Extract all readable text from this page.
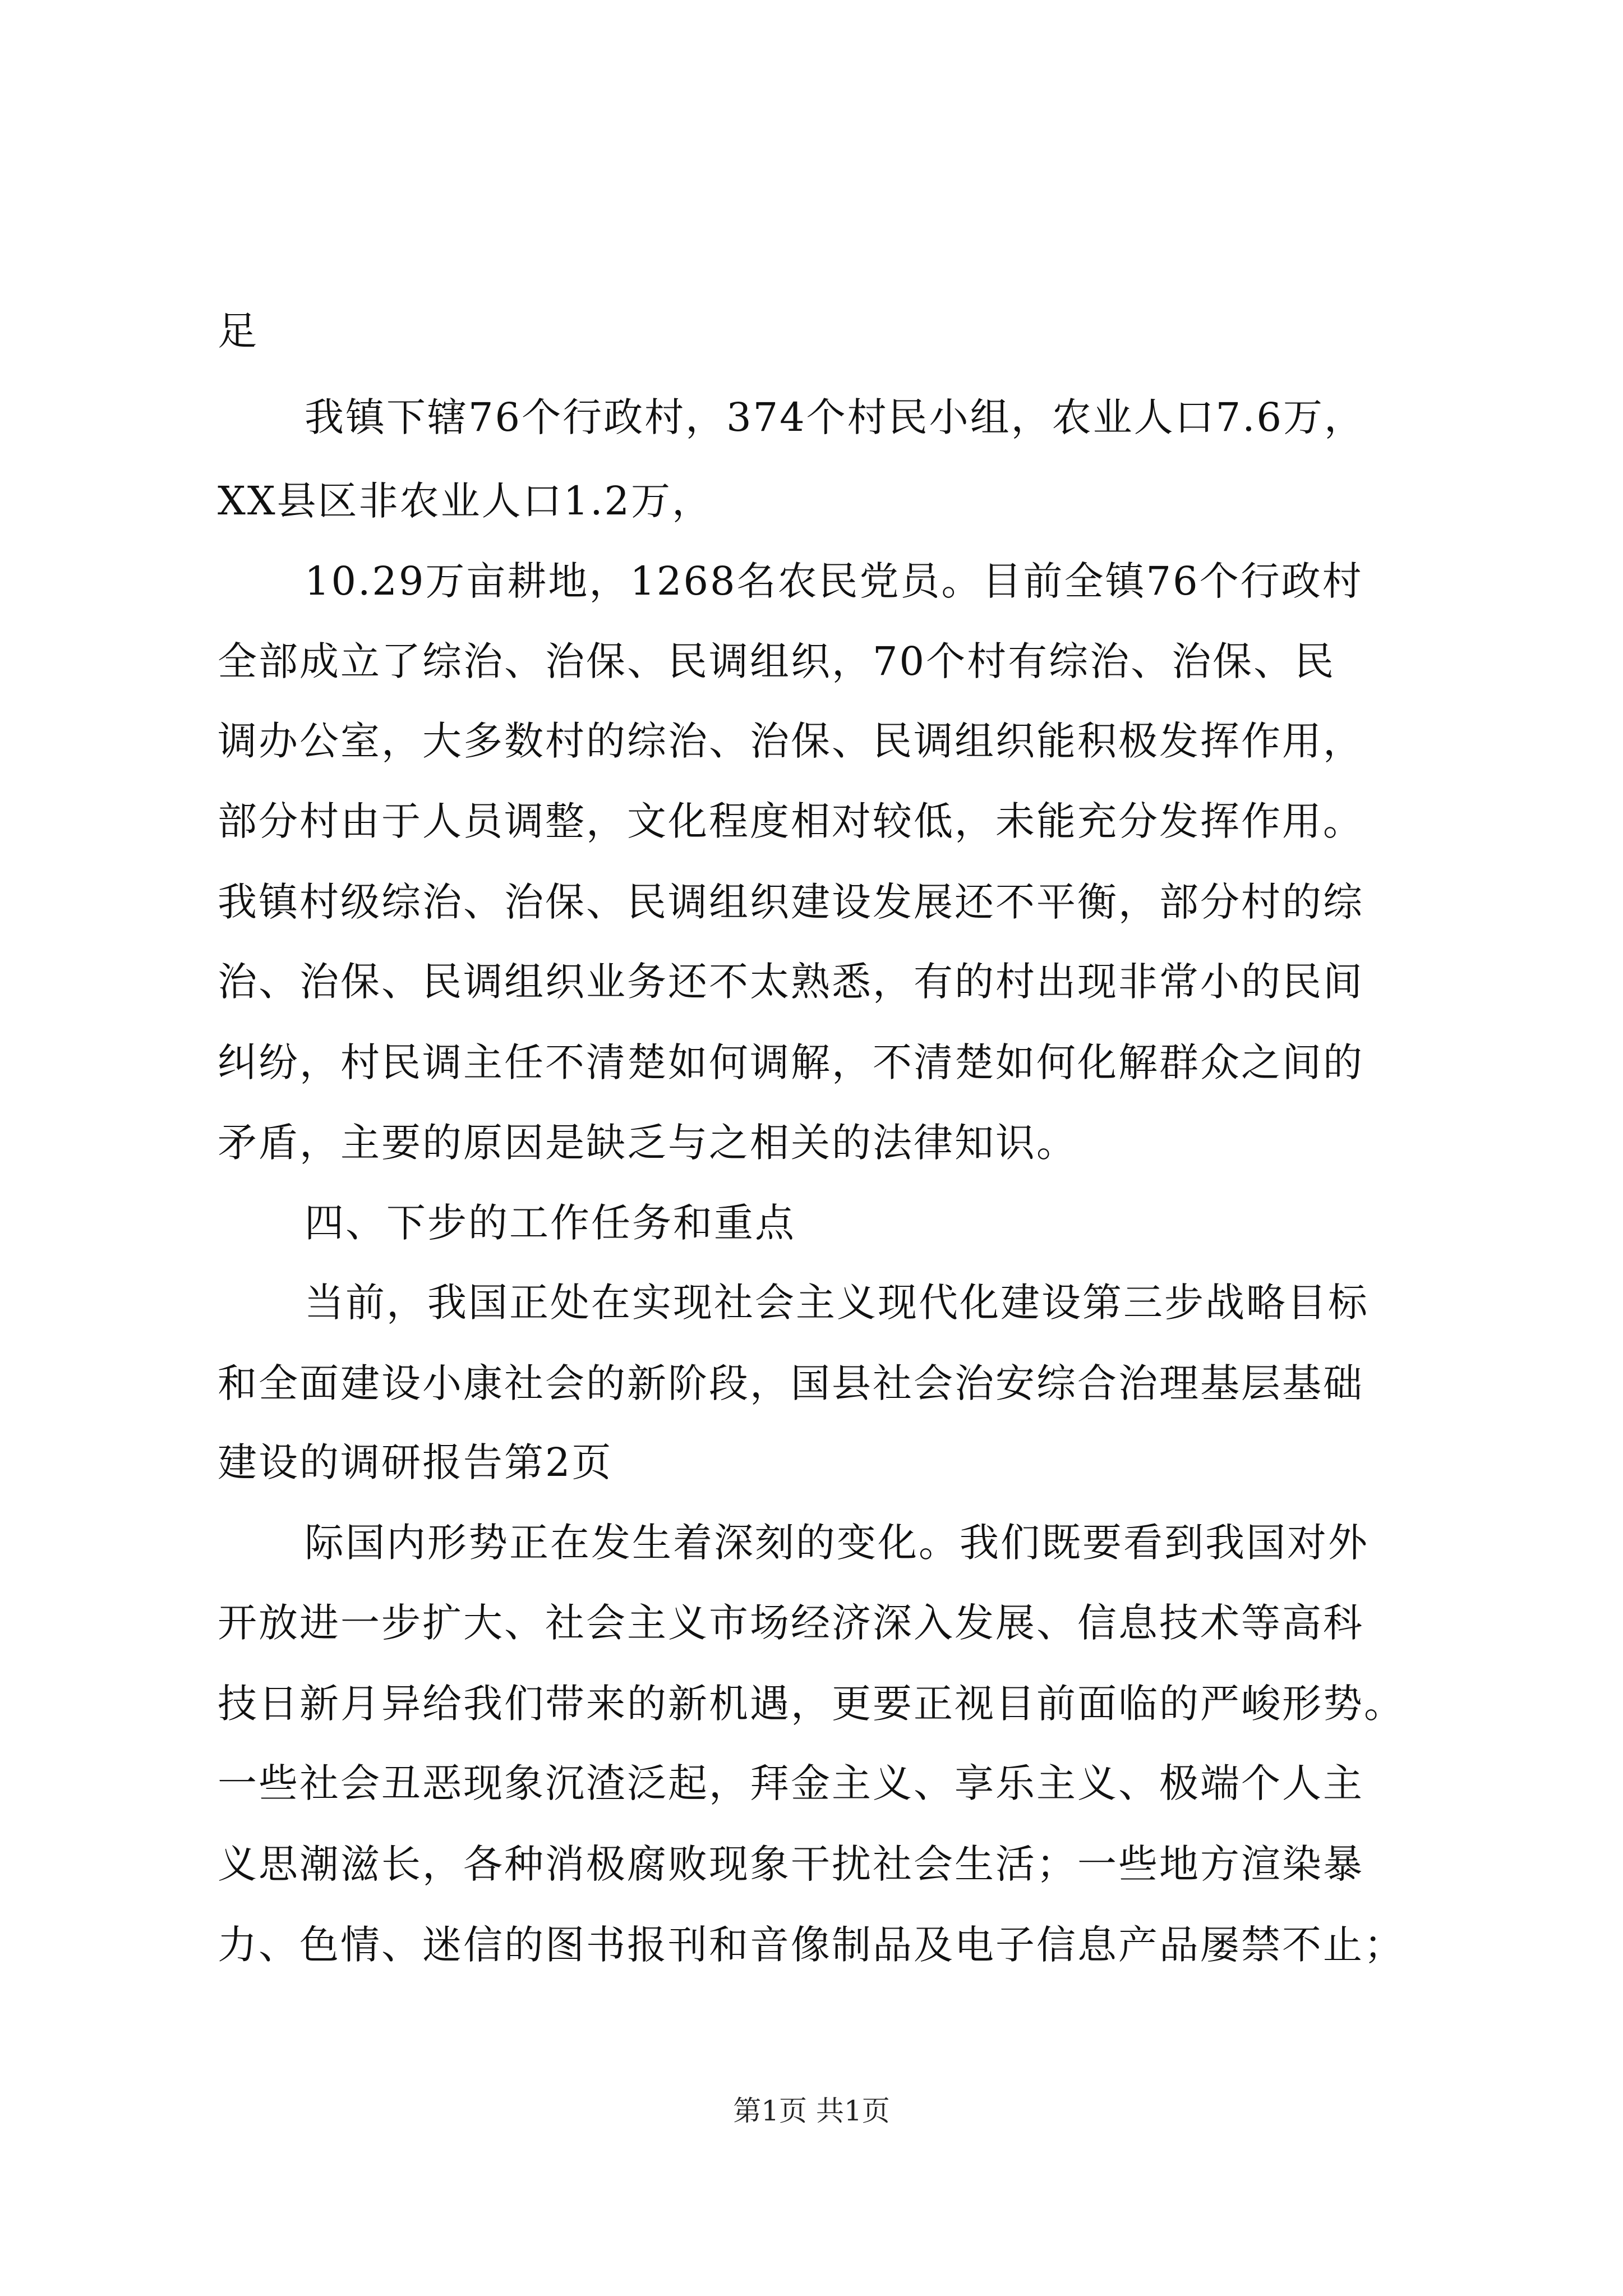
足
我镇下辖76个行政村，374个村民小组，农业人口7.6万，
XX县区非农业人口1.2万，
10.29万亩耕地，1268名农民党员。目前全镇76个行政村
全部成立了综治、治保、民调组织，70个村有综治、治保、民
调办公室，大多数村的综治、治保、民调组织能积极发挥作用，
部分村由于人员调整，文化程度相对较低，未能充分发挥作用。
我镇村级综治、治保、民调组织建设发展还不平衡，部分村的综
治、治保、民调组织业务还不太熟悉，有的村出现非常小的民间
纠纷，村民调主任不清楚如何调解，不清楚如何化解群众之间的
矛盾，主要的原因是缺乏与之相关的法律知识。
四、下步的工作任务和重点
当前，我国正处在实现社会主义现代化建设第三步战略目标
和全面建设小康社会的新阶段，国县社会治安综合治理基层基础
建设的调研报告第2页
际国内形势正在发生着深刻的变化。我们既要看到我国对外
开放进一步扩大、社会主义市场经济深入发展、信息技术等高科
技日新月异给我们带来的新机遇，更要正视目前面临的严峻形势。
一些社会丑恶现象沉渣泛起，拜金主义、享乐主义、极端个人主
义思潮滋长，各种消极腐败现象干扰社会生活；一些地方渲染暴
力、色情、迷信的图书报刊和音像制品及电子信息产品屡禁不止；
第1页 共1页
